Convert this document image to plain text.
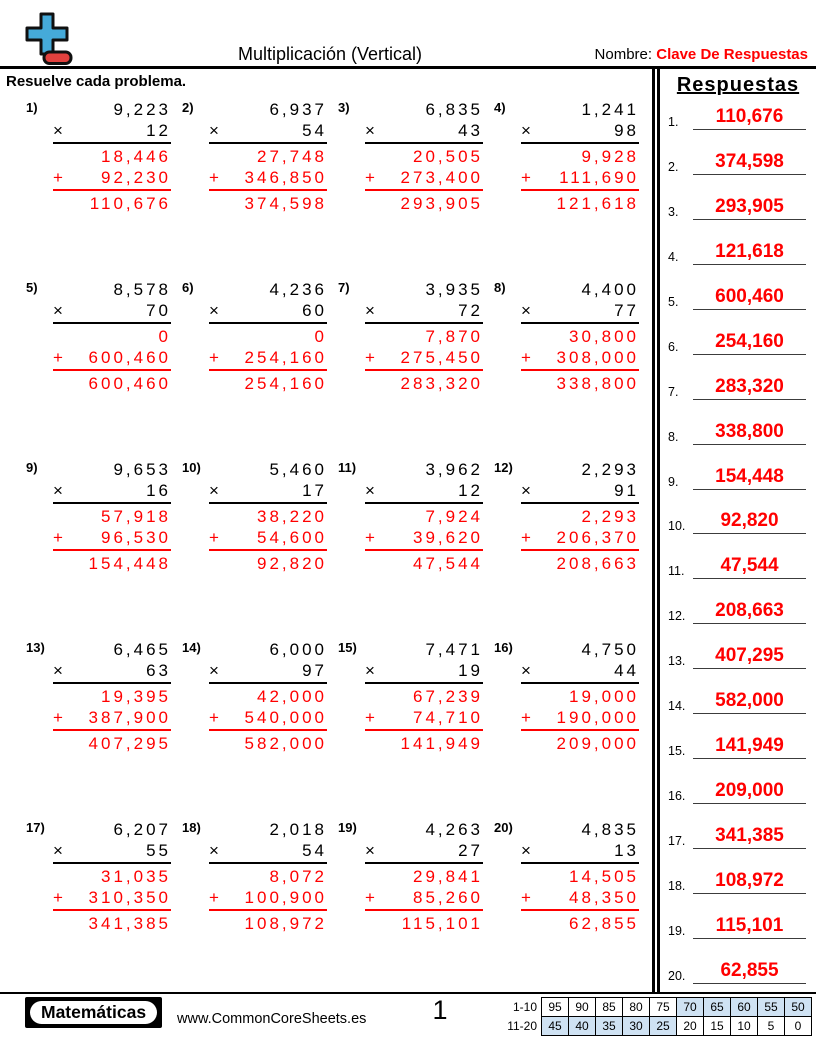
Multiplicación (Vertical)	Nombre: Clave De Respuestas
Resuelve cada problema.
1)	9,223
×	12
18,446
+ 92,230
110,676
2)	6,937
×	54
27,748
+ 346,850
374,598
3)	6,835
×	43
20,505
+ 273,400
293,905
4)	1,241
×	98
9,928
+ 111,690
121,618
5)	8,578
×	70
0
+ 600,460
600,460
6)	4,236
×	60
0
+ 254,160
254,160
7)	3,935
×	72
7,870
+ 275,450
283,320
8)	4,400
×	77
30,800
+ 308,000
338,800
9)	9,653
×	16
57,918
+ 96,530
154,448
10)	5,460
×	17
38,220
+ 54,600
92,820
11)	3,962
×	12
7,924
+ 39,620
47,544
12)	2,293
×	91
2,293
+ 206,370
208,663
13)	6,465
×	63
19,395
+ 387,900
407,295
14)	6,000
×	97
42,000
+ 540,000
582,000
15)	7,471
×	19
67,239
+ 74,710
141,949
16)	4,750
×	44
19,000
+ 190,000
209,000
17)	6,207
×	55
31,035
+ 310,350
341,385
18)	2,018
×	54
8,072
+ 100,900
108,972
19)	4,263
×	27
29,841
+ 85,260
115,101
20)	4,835
×	13
14,505
+ 48,350
62,855
Respuestas
1.	110,676
2.	374,598
3.	293,905
4.	121,618
5.	600,460
6.	254,160
7.	283,320
8.	338,800
9.	154,448
10.	92,820
11.	47,544
12.	208,663
13.	407,295
14.	582,000
15.	141,949
16.	209,000
17.	341,385
18.	108,972
19.	115,101
20.	62,855
Matemáticas	www.CommonCoreSheets.es	1	1-10	95	90	85	80	75	70	65	60	55	50
11-20	45	40	35	30	25	20	15	10	5	0
